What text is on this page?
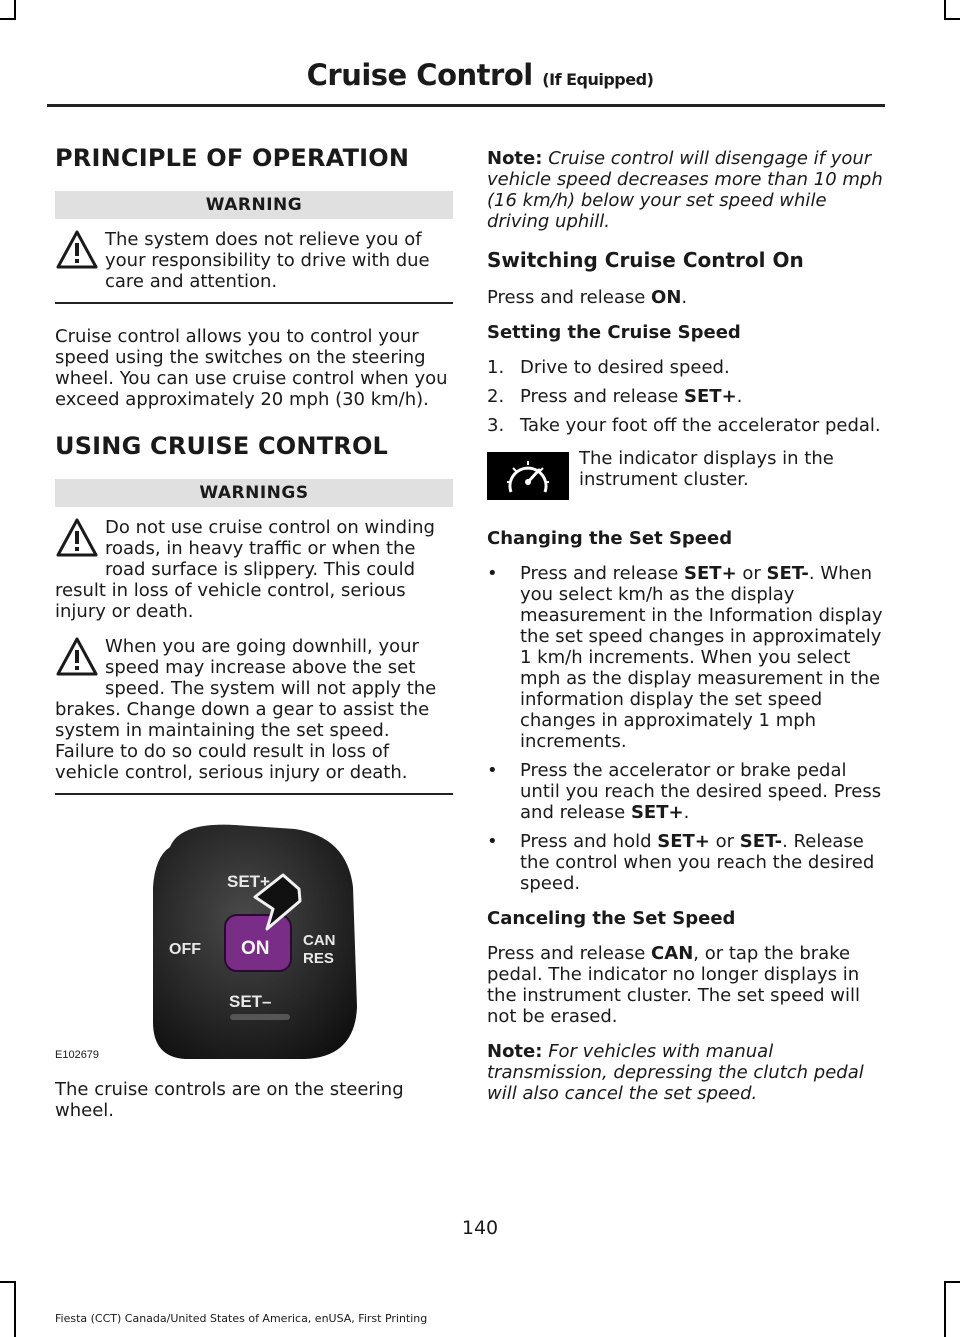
Cruise Control (If Equipped)
PRINCIPLE OF OPERATION
WARNING
The system does not relieve you of your responsibility to drive with due care and attention.

Cruise control allows you to control your speed using the switches on the steering wheel. You can use cruise control when you exceed approximately 20 mph (30 km/h).

USING CRUISE CONTROL
WARNINGS
Do not use cruise control on winding roads, in heavy traffic or when the road surface is slippery. This could result in loss of vehicle control, serious injury or death.
When you are going downhill, your speed may increase above the set speed. The system will not apply the brakes. Change down a gear to assist the system in maintaining the set speed. Failure to do so could result in loss of vehicle control, serious injury or death.
SET+
ON
OFF
CAN
RES
SET–
E102679

The cruise controls are on the steering wheel.

Note: Cruise control will disengage if your vehicle speed decreases more than 10 mph (16 km/h) below your set speed while driving uphill.

Switching Cruise Control On

Press and release ON.

Setting the Cruise Speed
1. Drive to desired speed.
2. Press and release SET+.
3. Take your foot off the accelerator pedal.
The indicator displays in the instrument cluster.
Changing the Set Speed
• Press and release SET+ or SET-. When you select km/h as the display measurement in the Information display the set speed changes in approximately 1 km/h increments. When you select mph as the display measurement in the information display the set speed changes in approximately 1 mph increments.
• Press the accelerator or brake pedal until you reach the desired speed. Press and release SET+.
• Press and hold SET+ or SET-. Release the control when you reach the desired speed.
Canceling the Set Speed

Press and release CAN, or tap the brake pedal. The indicator no longer displays in the instrument cluster. The set speed will not be erased.

Note: For vehicles with manual transmission, depressing the clutch pedal will also cancel the set speed.

140
Fiesta (CCT) Canada/United States of America, enUSA, First Printing
